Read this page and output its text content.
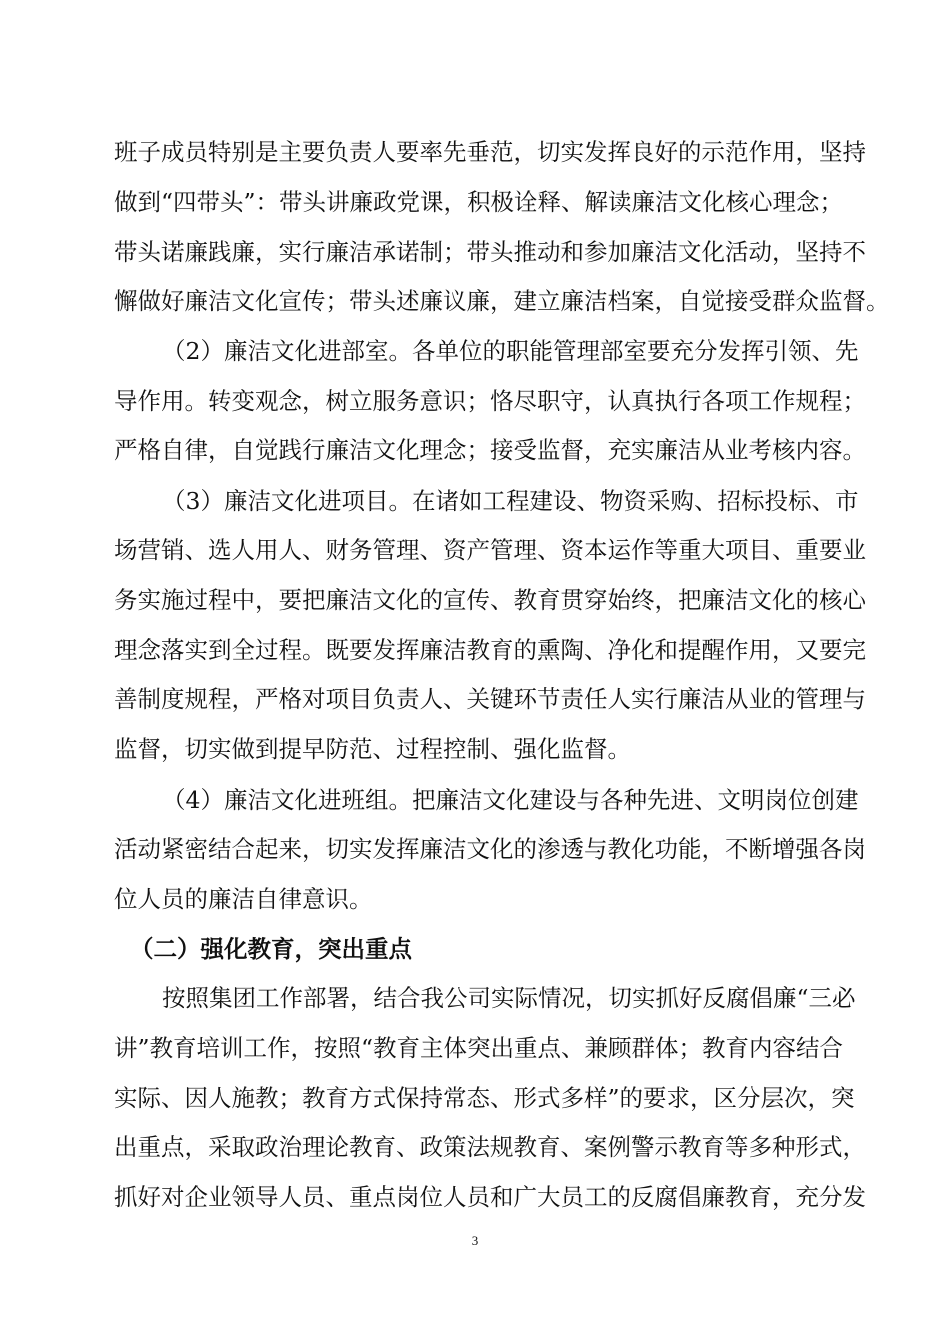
班子成员特别是主要负责人要率先垂范，切实发挥良好的示范作用，坚持
做到“四带头”：带头讲廉政党课，积极诠释、解读廉洁文化核心理念；
带头诺廉践廉，实行廉洁承诺制；带头推动和参加廉洁文化活动，坚持不
懈做好廉洁文化宣传；带头述廉议廉，建立廉洁档案，自觉接受群众监督。
（2）廉洁文化进部室。各单位的职能管理部室要充分发挥引领、先
导作用。转变观念，树立服务意识；恪尽职守，认真执行各项工作规程；
严格自律，自觉践行廉洁文化理念；接受监督，充实廉洁从业考核内容。
（3）廉洁文化进项目。在诸如工程建设、物资采购、招标投标、市
场营销、选人用人、财务管理、资产管理、资本运作等重大项目、重要业
务实施过程中，要把廉洁文化的宣传、教育贯穿始终，把廉洁文化的核心
理念落实到全过程。既要发挥廉洁教育的熏陶、净化和提醒作用，又要完
善制度规程，严格对项目负责人、关键环节责任人实行廉洁从业的管理与
监督，切实做到提早防范、过程控制、强化监督。
（4）廉洁文化进班组。把廉洁文化建设与各种先进、文明岗位创建
活动紧密结合起来，切实发挥廉洁文化的渗透与教化功能，不断增强各岗
位人员的廉洁自律意识。
（二）强化教育，突出重点
按照集团工作部署，结合我公司实际情况，切实抓好反腐倡廉“三必
讲”教育培训工作，按照“教育主体突出重点、兼顾群体；教育内容结合
实际、因人施教；教育方式保持常态、形式多样”的要求，区分层次，突
出重点，采取政治理论教育、政策法规教育、案例警示教育等多种形式，
抓好对企业领导人员、重点岗位人员和广大员工的反腐倡廉教育，充分发
3
